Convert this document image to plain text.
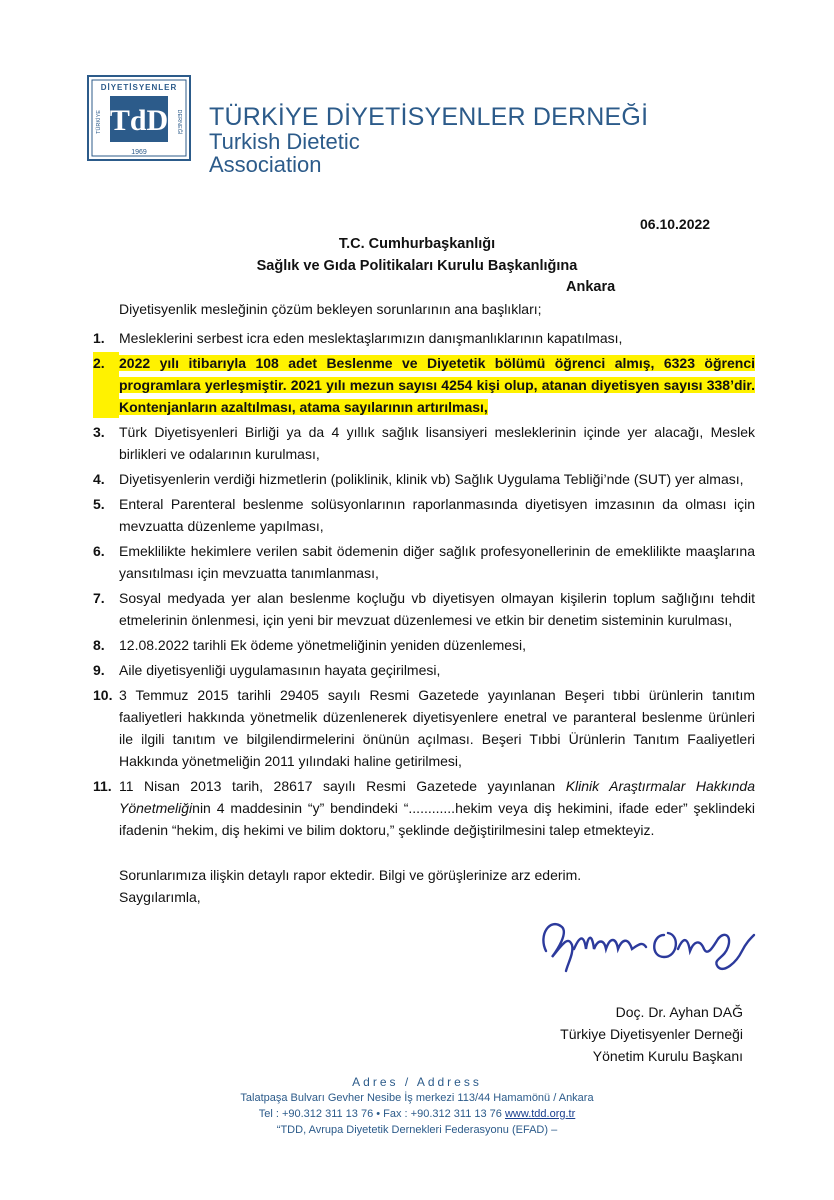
DİYETİSYENLER
TÜRKİYE	DERNEĞİ
TdD
1969
TÜRKİYE DİYETİSYENLER DERNEĞİ
Turkish Dietetic
Association
06.10.2022
T.C. Cumhurbaşkanlığı
Sağlık ve Gıda Politikaları Kurulu Başkanlığına
Ankara
Diyetisyenlik mesleğinin çözüm bekleyen sorunlarının ana başlıkları;
1.	Mesleklerini serbest icra eden meslektaşlarımızın danışmanlıklarının kapatılması,
2.	2022 yılı itibarıyla 108 adet Beslenme ve Diyetetik bölümü öğrenci almış, 6323 öğrenci programlara yerleşmiştir. 2021 yılı mezun sayısı 4254 kişi olup, atanan diyetisyen sayısı 338’dir. Kontenjanların azaltılması, atama sayılarının artırılması,
3.	Türk Diyetisyenleri Birliği ya da 4 yıllık sağlık lisansiyeri mesleklerinin içinde yer alacağı, Meslek birlikleri ve odalarının kurulması,
4.	Diyetisyenlerin verdiği hizmetlerin (poliklinik, klinik vb) Sağlık Uygulama Tebliği’nde (SUT) yer alması,
5.	Enteral Parenteral beslenme solüsyonlarının raporlanmasında diyetisyen imzasının da olması için mevzuatta düzenleme yapılması,
6.	Emeklilikte hekimlere verilen sabit ödemenin diğer sağlık profesyonellerinin de emeklilikte maaşlarına yansıtılması için mevzuatta tanımlanması,
7.	Sosyal medyada yer alan beslenme koçluğu vb diyetisyen olmayan kişilerin toplum sağlığını tehdit etmelerinin önlenmesi, için yeni bir mevzuat düzenlemesi ve etkin bir denetim sisteminin kurulması,
8.	12.08.2022 tarihli Ek ödeme yönetmeliğinin yeniden düzenlemesi,
9.	Aile diyetisyenliği uygulamasının hayata geçirilmesi,
10. 3 Temmuz 2015 tarihli 29405 sayılı Resmi Gazetede yayınlanan Beşeri tıbbi ürünlerin tanıtım faaliyetleri hakkında yönetmelik düzenlenerek diyetisyenlere enetral ve paranteral beslenme ürünleri ile ilgili tanıtım ve bilgilendirmelerini önünün açılması. Beşeri Tıbbi Ürünlerin Tanıtım Faaliyetleri Hakkında yönetmeliğin 2011 yılındaki haline getirilmesi,
11. 11 Nisan 2013 tarih, 28617 sayılı Resmi Gazetede yayınlanan Klinik Araştırmalar Hakkında Yönetmeliğinin 4 maddesinin “y” bendindeki “............hekim veya diş hekimini, ifade eder” şeklindeki ifadenin “hekim, diş hekimi ve bilim doktoru,” şeklinde değiştirilmesini talep etmekteyiz.
Sorunlarımıza ilişkin detaylı rapor ektedir. Bilgi ve görüşlerinize arz ederim.
Saygılarımla,
Doç. Dr. Ayhan DAĞ
Türkiye Diyetisyenler Derneği
Yönetim Kurulu Başkanı
Adres / Address
Talatpaşa Bulvarı Gevher Nesibe İş merkezi 113/44 Hamamönü / Ankara
Tel : +90.312 311 13 76 • Fax : +90.312 311 13 76 www.tdd.org.tr
“TDD, Avrupa Diyetetik Dernekleri Federasyonu (EFAD) –
